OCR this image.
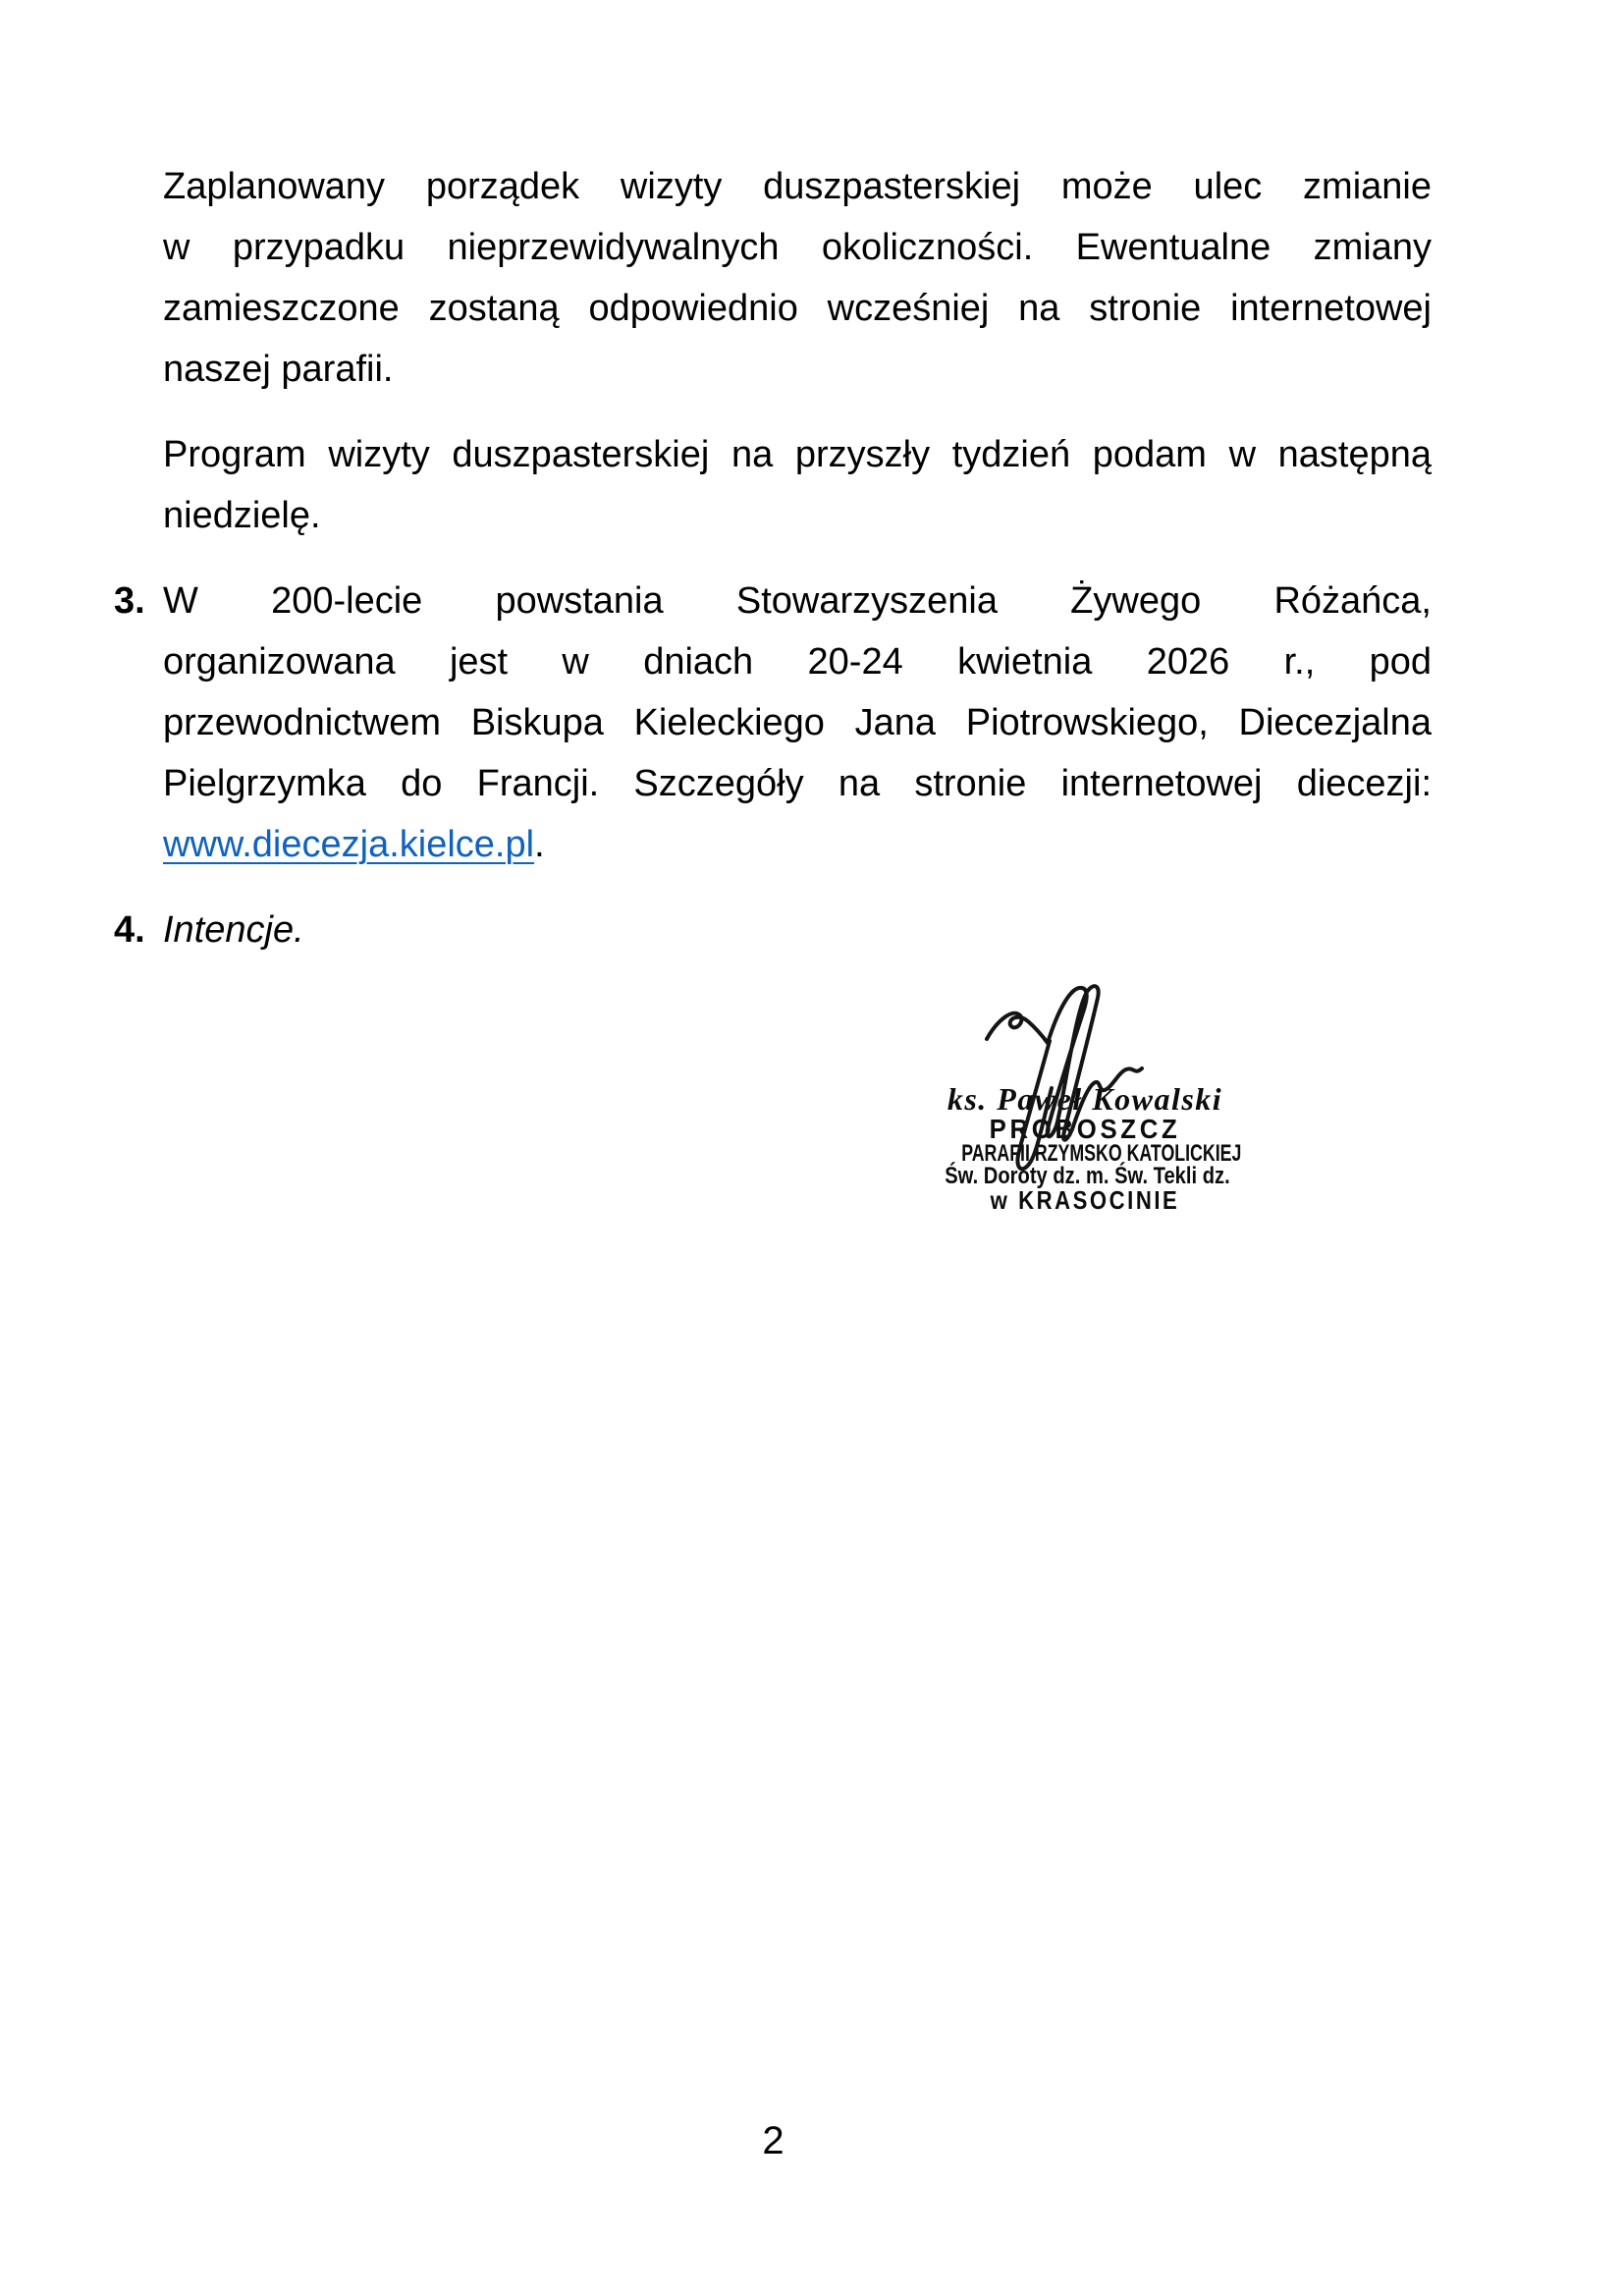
Zaplanowany porządek wizyty duszpasterskiej może ulec zmianie
w przypadku nieprzewidywalnych okoliczności. Ewentualne zmiany
zamieszczone zostaną odpowiednio wcześniej na stronie internetowej
naszej parafii.
Program wizyty duszpasterskiej na przyszły tydzień podam w następną
niedzielę.
3. W 200-lecie powstania Stowarzyszenia Żywego Różańca,
organizowana jest w dniach 20-24 kwietnia 2026 r., pod
przewodnictwem Biskupa Kieleckiego Jana Piotrowskiego, Diecezjalna
Pielgrzymka do Francji. Szczegóły na stronie internetowej diecezji:
www.diecezja.kielce.pl.
4. Intencje.
ks. Paweł Kowalski
PROBOSZCZ
PARAFII RZYMSKO KATOLICKIEJ
Św. Doroty dz. m. Św. Tekli dz.
w KRASOCINIE
2
